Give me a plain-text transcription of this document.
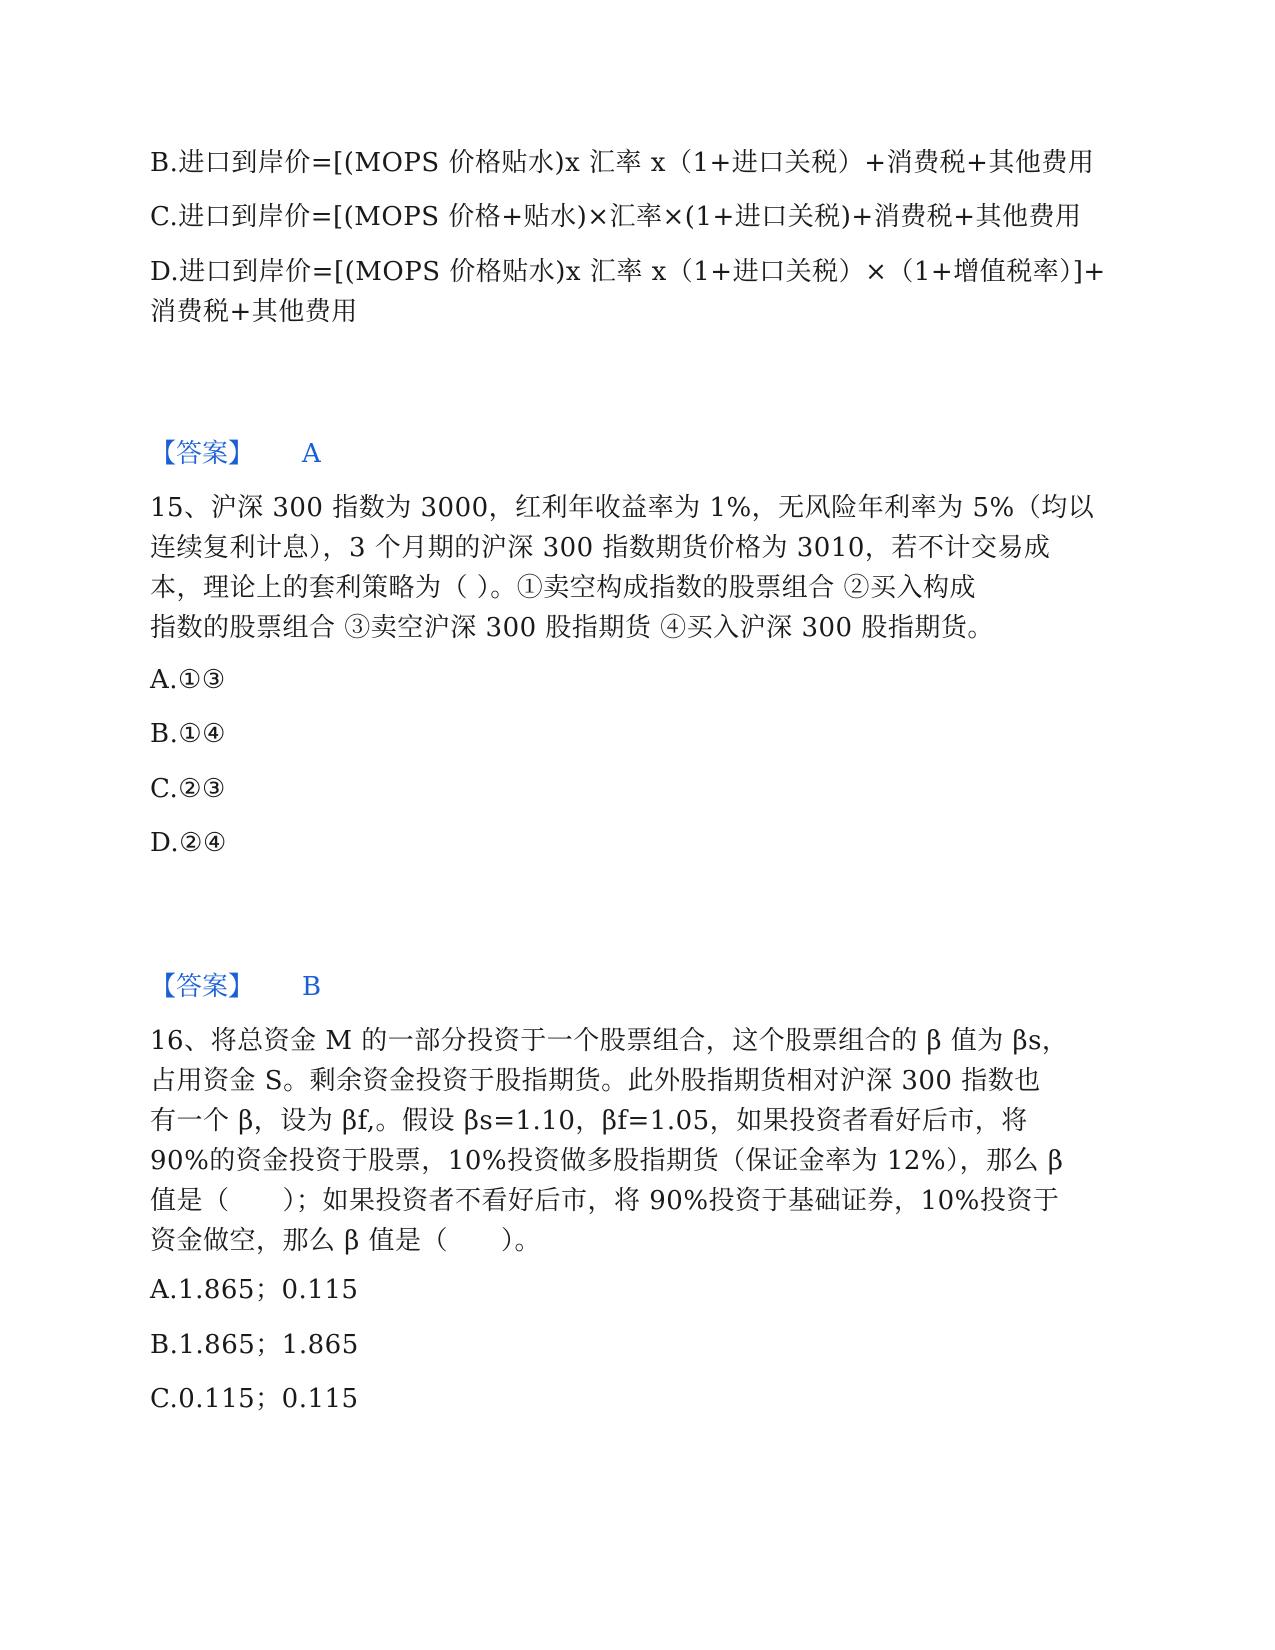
B.进口到岸价=[(MOPS 价格贴水)x 汇率 x（1+进口关税）+消费税+其他费用
C.进口到岸价=[(MOPS 价格+贴水)×汇率×(1+进口关税)+消费税+其他费用
D.进口到岸价=[(MOPS 价格贴水)x 汇率 x（1+进口关税）×（1+增值税率）]+
消费税+其他费用
【答案】 A
15、沪深 300 指数为 3000，红利年收益率为 1%，无风险年利率为 5%（均以
连续复利计息），3 个月期的沪深 300 指数期货价格为 3010，若不计交易成
本，理论上的套利策略为（ ）。①卖空构成指数的股票组合 ②买入构成
指数的股票组合 ③卖空沪深 300 股指期货 ④买入沪深 300 股指期货。
A.①③
B.①④
C.②③
D.②④
【答案】 B
16、将总资金 M 的一部分投资于一个股票组合，这个股票组合的 β 值为 βs，
占用资金 S。剩余资金投资于股指期货。此外股指期货相对沪深 300 指数也
有一个 β，设为 βf,。假设 βs=1.10，βf=1.05，如果投资者看好后市，将
90%的资金投资于股票，10%投资做多股指期货（保证金率为 12%），那么 β
值是（　　）；如果投资者不看好后市，将 90%投资于基础证券，10%投资于
资金做空，那么 β 值是（　　）。
A.1.865；0.115
B.1.865；1.865
C.0.115；0.115
